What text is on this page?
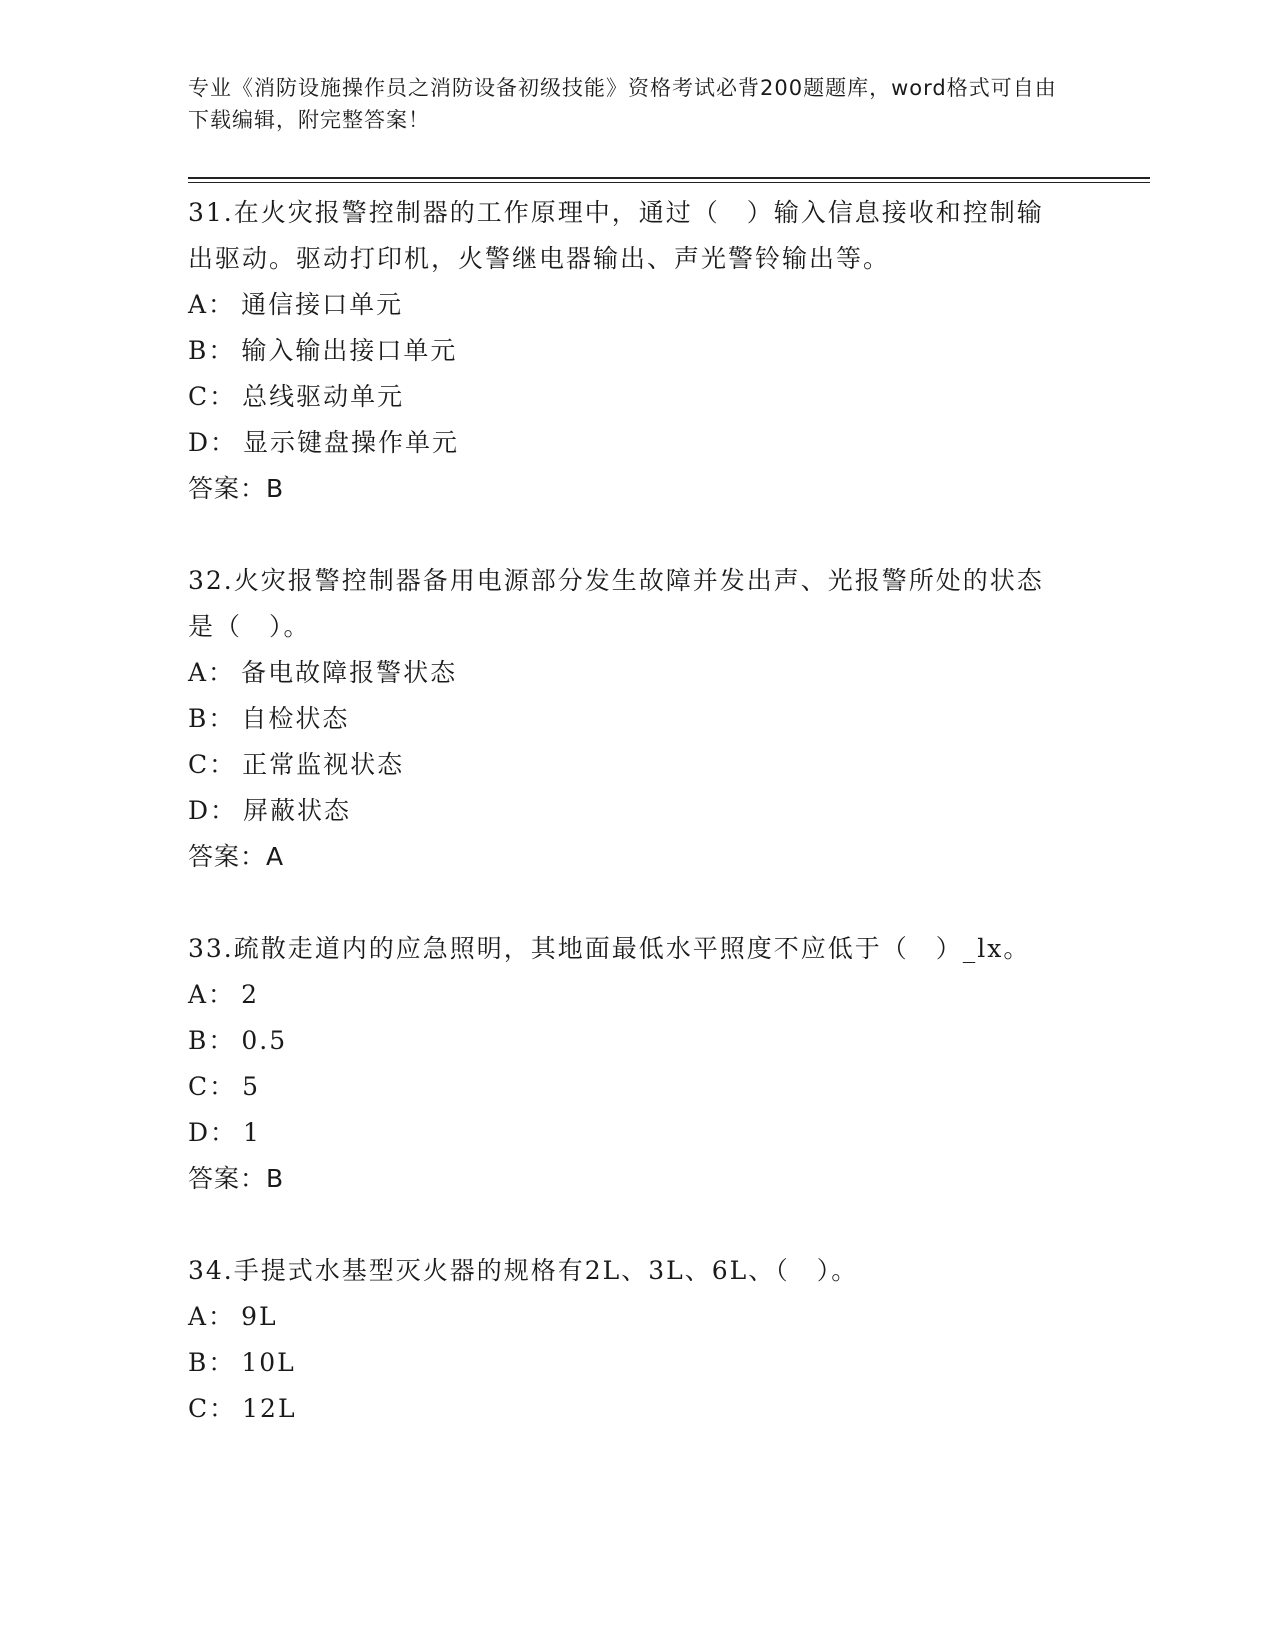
专业《消防设施操作员之消防设备初级技能》资格考试必背200题题库，word格式可自由下载编辑，附完整答案！
31.在火灾报警控制器的工作原理中，通过（　）输入信息接收和控制输出驱动。驱动打印机，火警继电器输出、声光警铃输出等。
A： 通信接口单元
B： 输入输出接口单元
C： 总线驱动单元
D： 显示键盘操作单元
答案：B
32.火灾报警控制器备用电源部分发生故障并发出声、光报警所处的状态是（　）。
A： 备电故障报警状态
B： 自检状态
C： 正常监视状态
D： 屏蔽状态
答案：A
33.疏散走道内的应急照明，其地面最低水平照度不应低于（　）_lx。
A： 2
B： 0.5
C： 5
D： 1
答案：B
34.手提式水基型灭火器的规格有2L、3L、6L、（　）。
A： 9L
B： 10L
C： 12L
